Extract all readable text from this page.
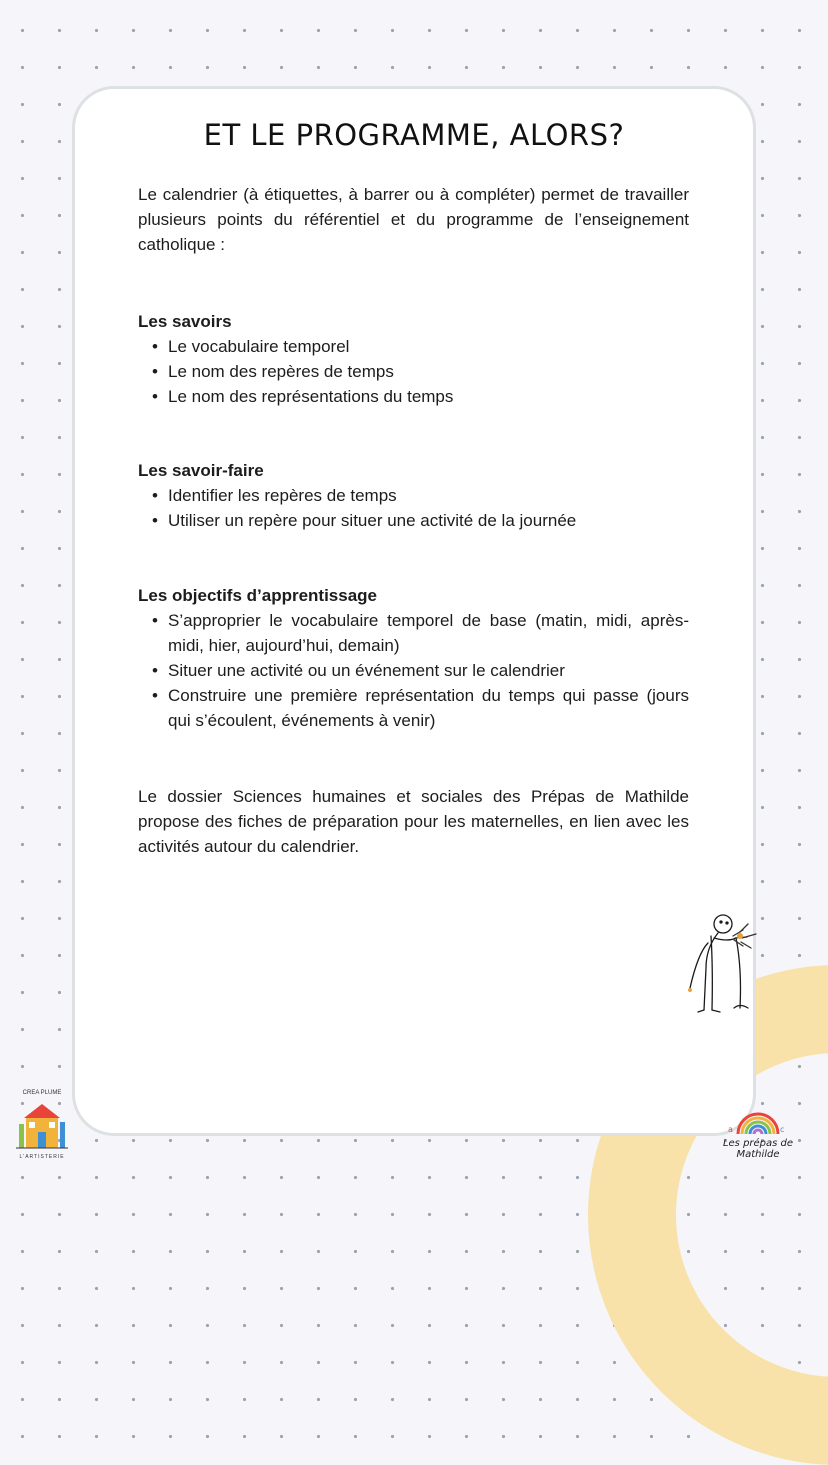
ET LE PROGRAMME, ALORS?

Le calendrier (à étiquettes, à barrer ou à compléter) permet de travailler plusieurs points du référentiel et du programme de l’enseignement catholique :

Les savoirs
• Le vocabulaire temporel
• Le nom des repères de temps
• Le nom des représentations du temps
Les savoir-faire
• Identifier les repères de temps
• Utiliser un repère pour situer une activité de la journée
Les objectifs d’apprentissage
• S’approprier le vocabulaire temporel de base (matin, midi, après-midi, hier, aujourd’hui, demain)
• Situer une activité ou un événement sur le calendrier
• Construire une première représentation du temps qui passe (jours qui s’écoulent, événements à venir)

Le dossier Sciences humaines et sociales des Prépas de Mathilde propose des fiches de préparation pour les maternelles, en lien avec les activités autour du calendrier.

CREA PLUME
L'ARTISTERIE
a	c
Les prépas de Mathilde
